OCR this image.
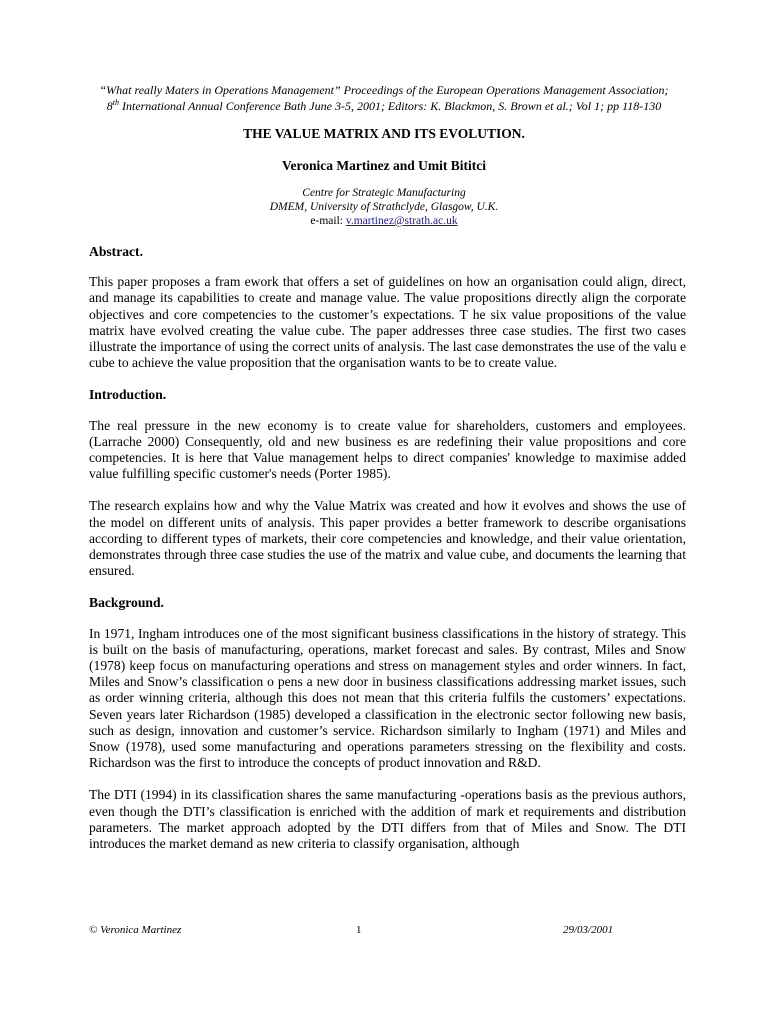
“What really Maters in Operations Management” Proceedings of the European Operations Management Association;
8th International Annual Conference Bath June 3-5, 2001; Editors: K. Blackmon, S. Brown et al.; Vol 1; pp 118-130
THE VALUE MATRIX AND ITS EVOLUTION.
Veronica Martinez and Umit Bititci
Centre for Strategic Manufacturing
DMEM, University of Strathclyde, Glasgow, U.K.
e-mail: v.martinez@strath.ac.uk
Abstract.
This paper proposes a fram ework that offers a set of guidelines on how an organisation could align, direct, and manage its capabilities to create and manage value. The value propositions directly align the corporate objectives and core competencies to the customer’s expectations. T he six value propositions of the value matrix have evolved creating the value cube. The paper addresses three case studies. The first two cases illustrate the importance of using the correct units of analysis. The last case demonstrates the use of the valu e cube to achieve the value proposition that the organisation wants to be to create value.
Introduction.
The real pressure in the new economy is to create value for shareholders, customers and employees. (Larrache 2000) Consequently, old and new business es are redefining their value propositions and core competencies. It is here that Value management helps to direct companies' knowledge to maximise added value fulfilling specific customer's needs (Porter 1985).
The research explains how and why the Value Matrix was created and how it evolves and shows the use of the model on different units of analysis. This paper provides a better framework to describe organisations according to different types of markets, their core competencies and knowledge, and their value orientation, demonstrates through three case studies the use of the matrix and value cube, and documents the learning that ensured.
Background.
In 1971, Ingham introduces one of the most significant business classifications in the history of strategy. This is built on the basis of manufacturing, operations, market forecast and sales. By contrast, Miles and Snow (1978) keep focus on manufacturing operations and stress on management styles and order winners. In fact, Miles and Snow’s classification o pens a new door in business classifications addressing market issues, such as order winning criteria, although this does not mean that this criteria fulfils the customers’ expectations. Seven years later Richardson (1985) developed a classification in the electronic sector following new basis, such as design, innovation and customer’s service. Richardson similarly to Ingham (1971) and Miles and Snow (1978), used some manufacturing and operations parameters stressing on the flexibility and costs. Richardson was the first to introduce the concepts of product innovation and R&D.
The DTI (1994) in its classification shares the same manufacturing -operations basis as the previous authors, even though the DTI’s classification is enriched with the addition of mark et requirements and distribution parameters. The market approach adopted by the DTI differs from that of Miles and Snow. The DTI introduces the market demand as new criteria to classify organisation, although
© Veronica Martinez	1	29/03/2001
